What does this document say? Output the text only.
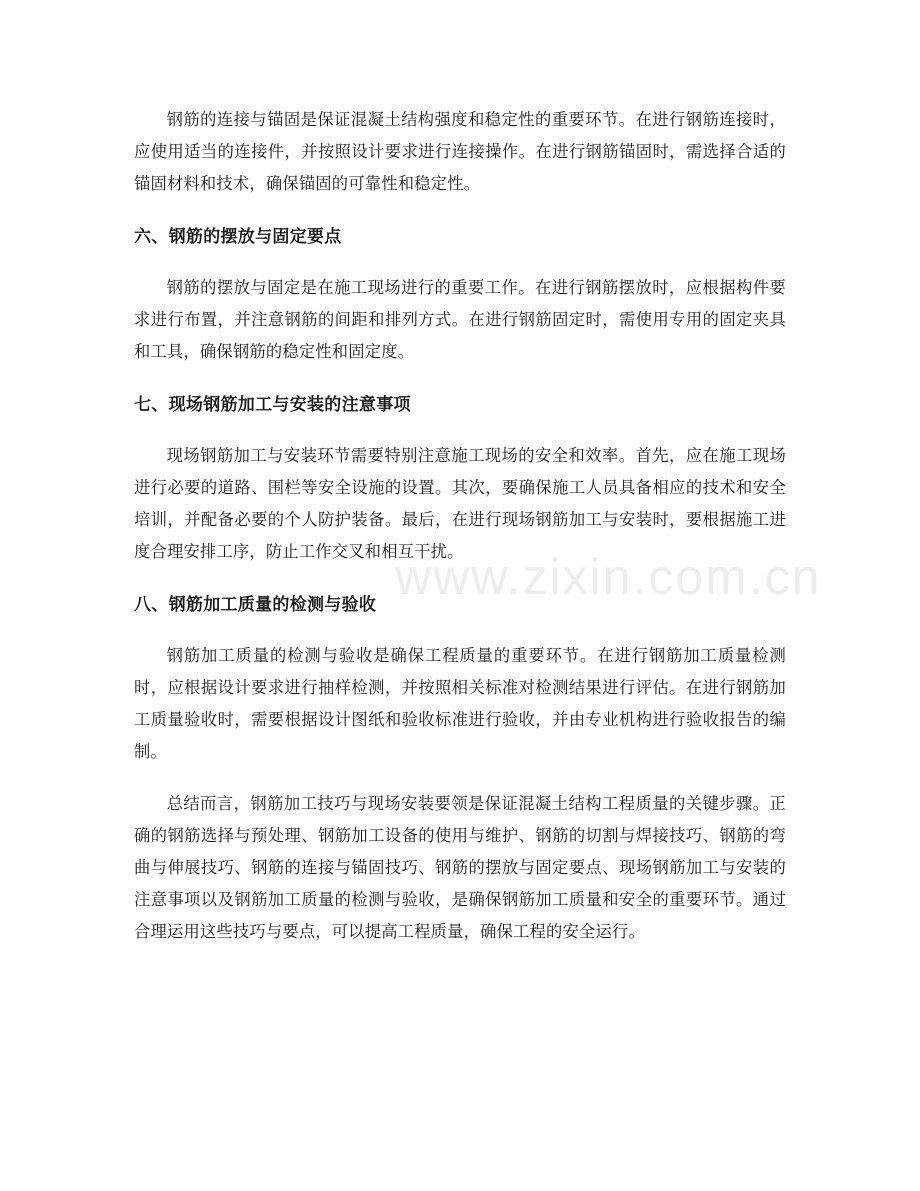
钢筋的连接与锚固是保证混凝土结构强度和稳定性的重要环节。在进行钢筋连接时，应使用适当的连接件，并按照设计要求进行连接操作。在进行钢筋锚固时，需选择合适的锚固材料和技术，确保锚固的可靠性和稳定性。

六、钢筋的摆放与固定要点

钢筋的摆放与固定是在施工现场进行的重要工作。在进行钢筋摆放时，应根据构件要求进行布置，并注意钢筋的间距和排列方式。在进行钢筋固定时，需使用专用的固定夹具和工具，确保钢筋的稳定性和固定度。

七、现场钢筋加工与安装的注意事项

现场钢筋加工与安装环节需要特别注意施工现场的安全和效率。首先，应在施工现场进行必要的道路、围栏等安全设施的设置。其次，要确保施工人员具备相应的技术和安全培训，并配备必要的个人防护装备。最后，在进行现场钢筋加工与安装时，要根据施工进度合理安排工序，防止工作交叉和相互干扰。

八、钢筋加工质量的检测与验收

钢筋加工质量的检测与验收是确保工程质量的重要环节。在进行钢筋加工质量检测时，应根据设计要求进行抽样检测，并按照相关标准对检测结果进行评估。在进行钢筋加工质量验收时，需要根据设计图纸和验收标准进行验收，并由专业机构进行验收报告的编制。

总结而言，钢筋加工技巧与现场安装要领是保证混凝土结构工程质量的关键步骤。正确的钢筋选择与预处理、钢筋加工设备的使用与维护、钢筋的切割与焊接技巧、钢筋的弯曲与伸展技巧、钢筋的连接与锚固技巧、钢筋的摆放与固定要点、现场钢筋加工与安装的注意事项以及钢筋加工质量的检测与验收，是确保钢筋加工质量和安全的重要环节。通过合理运用这些技巧与要点，可以提高工程质量，确保工程的安全运行。

www.zixin.com.cn
